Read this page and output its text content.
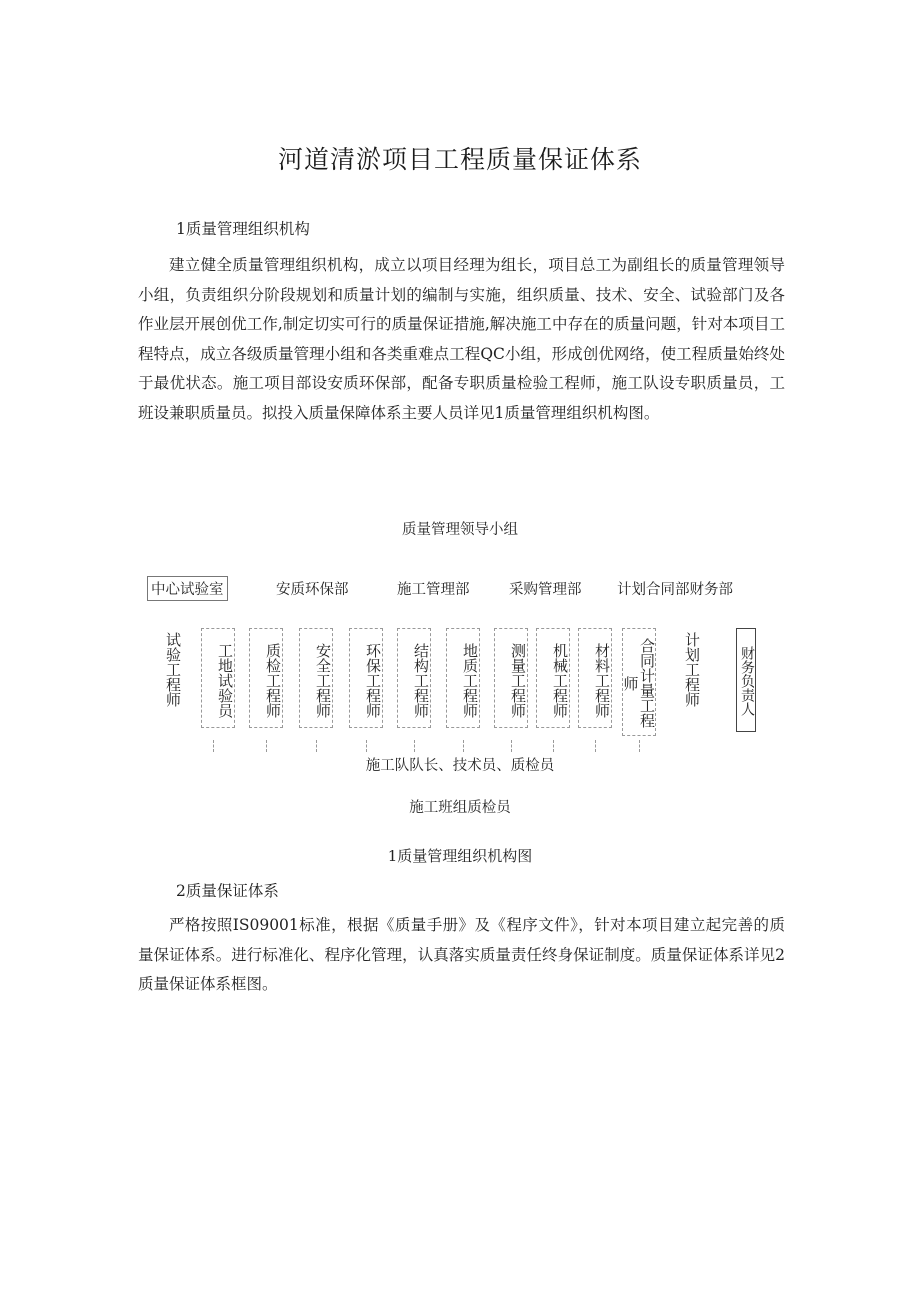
河道清淤项目工程质量保证体系
1质量管理组织机构
建立健全质量管理组织机构，成立以项目经理为组长，项目总工为副组长的质量管理领导小组，负责组织分阶段规划和质量计划的编制与实施，组织质量、技术、安全、试验部门及各作业层开展创优工作,制定切实可行的质量保证措施,解决施工中存在的质量问题，针对本项目工程特点，成立各级质量管理小组和各类重难点工程QC小组，形成创优网络，使工程质量始终处于最优状态。施工项目部设安质环保部，配备专职质量检验工程师，施工队设专职质量员，工班设兼职质量员。拟投入质量保障体系主要人员详见1质量管理组织机构图。
质量管理领导小组
中心试验室	安质环保部	施工管理部	采购管理部 计划合同部财务部
试验工程师	工地试验员	质检工程师	安全工程师	环保工程师	结构工程师	地质工程师	测量工程师	机械工程师	材料工程师	合同计量工程师	计划工程师	财务负责人
施工队队长、技术员、质检员
施工班组质检员
1质量管理组织机构图
2质量保证体系
严格按照IS09001标准，根据《质量手册》及《程序文件》，针对本项目建立起完善的质量保证体系。进行标准化、程序化管理，认真落实质量责任终身保证制度。质量保证体系详见2质量保证体系框图。
